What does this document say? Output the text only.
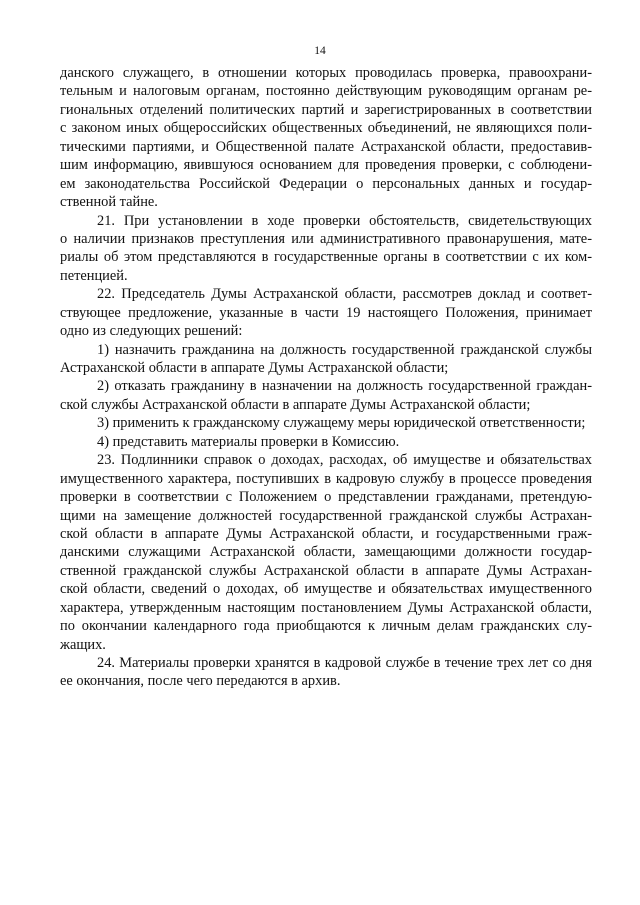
14
данского служащего, в отношении которых проводилась проверка, правоохрани-
тельным и налоговым органам, постоянно действующим руководящим органам ре-
гиональных отделений политических партий и зарегистрированных в соответствии
с законом иных общероссийских общественных объединений, не являющихся поли-
тическими партиями, и Общественной палате Астраханской области, предоставив-
шим информацию, явившуюся основанием для проведения проверки, с соблюдени-
ем законодательства Российской Федерации о персональных данных и государ-
ственной тайне.
21. При установлении в ходе проверки обстоятельств, свидетельствующих
о наличии признаков преступления или административного правонарушения, мате-
риалы об этом представляются в государственные органы в соответствии с их ком-
петенцией.
22. Председатель Думы Астраханской области, рассмотрев доклад и соответ-
ствующее предложение, указанные в части 19 настоящего Положения, принимает
одно из следующих решений:
1) назначить гражданина на должность государственной гражданской службы
Астраханской области в аппарате Думы Астраханской области;
2) отказать гражданину в назначении на должность государственной граждан-
ской службы Астраханской области в аппарате Думы Астраханской области;
3) применить к гражданскому служащему меры юридической ответственности;
4) представить материалы проверки в Комиссию.
23. Подлинники справок о доходах, расходах, об имуществе и обязательствах
имущественного характера, поступивших в кадровую службу в процессе проведения
проверки в соответствии с Положением о представлении гражданами, претендую-
щими на замещение должностей государственной гражданской службы Астрахан-
ской области в аппарате Думы Астраханской области, и государственными граж-
данскими служащими Астраханской области, замещающими должности государ-
ственной гражданской службы Астраханской области в аппарате Думы Астрахан-
ской области, сведений о доходах, об имуществе и обязательствах имущественного
характера, утвержденным настоящим постановлением Думы Астраханской области,
по окончании календарного года приобщаются к личным делам гражданских слу-
жащих.
24. Материалы проверки хранятся в кадровой службе в течение трех лет со дня
ее окончания, после чего передаются в архив.
